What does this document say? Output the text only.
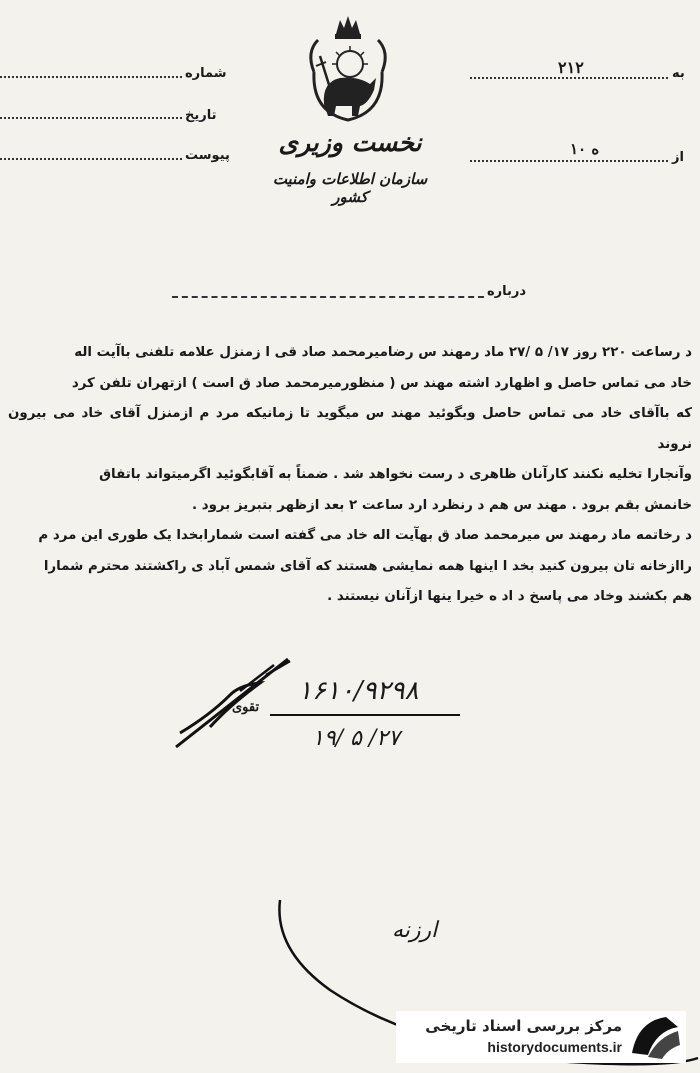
شماره
تاریخ
پیوست	نخست وزیری
سازمان اطلاعات وامنیت کشور
به
۲۱۲
از
۱۰ ه
درباره

د رساعت ۲۲۰ روز ۱۷/ ۵ /۲۷ ماد رمهند س رضامیرمحمد صاد قی ا زمنزل علامه تلفنی باآیت اله

خاد می تماس حاصل و اظهارد اشته مهند س ( منظورمیرمحمد صاد ق است ) ازتهران تلفن کرد

که باآقای خاد می تماس حاصل وبگوئید مهند س میگوید تا زمانیکه مرد م ازمنزل آقای خاد می بیرون نروند

وآنجارا تخلیه نکنند کارآنان ظاهری د رست نخواهد شد . ضمناً به آقابگوئید اگرمیتواند باتفاق

خانمش بقم برود . مهند س هم د رنظرد ارد ساعت ۲ بعد ازظهر بتبریز برود .

د رخاتمه ماد رمهند س میرمحمد صاد ق بهآیت اله خاد می گفته است شمارابخدا یک طوری این مرد م

راازخانه تان بیرون کنید بخد ا اینها همه نمایشی هستند که آقای شمس آباد ی راکشتند محترم شمارا

هم بکشند وخاد می پاسخ د اد ه خیرا ینها ازآنان نیستند .

تقوی
۱۶۱۰/۹۲۹۸
۱۹/ ۵ /۲۷
ارزنه
مرکز بررسی اسناد تاریخی
historydocuments.ir
